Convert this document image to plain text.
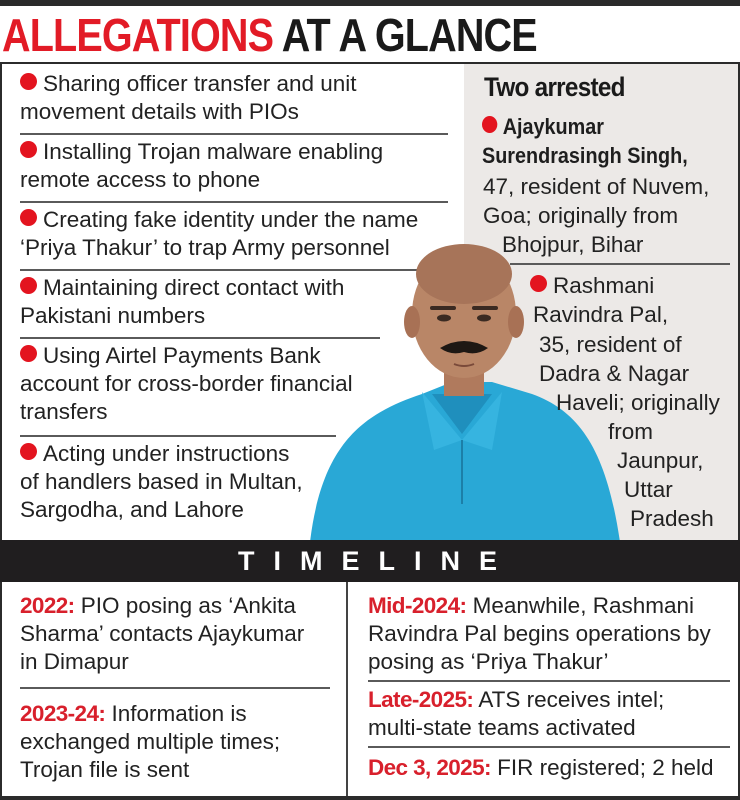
ALLEGATIONS AT A GLANCE
Sharing officer transfer and unit
movement details with PIOs
Installing Trojan malware enabling
remote access to phone
Creating fake identity under the name
‘Priya Thakur’ to trap Army personnel
Maintaining direct contact with
Pakistani numbers
Using Airtel Payments Bank
account for cross-border financial
transfers
Acting under instructions
of handlers based in Multan,
Sargodha, and Lahore
Two arrested
Ajaykumar
Surendrasingh Singh,
47, resident of Nuvem,
Goa; originally from
Bhojpur, Bihar
Rashmani
Ravindra Pal,
35, resident of
Dadra & Nagar
Haveli; originally
from
Jaunpur,
Uttar
Pradesh
TIMELINE
2022: PIO posing as ‘Ankita
Sharma’ contacts Ajaykumar
in Dimapur
2023-24: Information is
exchanged multiple times;
Trojan file is sent
Mid-2024: Meanwhile, Rashmani
Ravindra Pal begins operations by
posing as ‘Priya Thakur’
Late-2025: ATS receives intel;
multi-state teams activated
Dec 3, 2025: FIR registered; 2 held
